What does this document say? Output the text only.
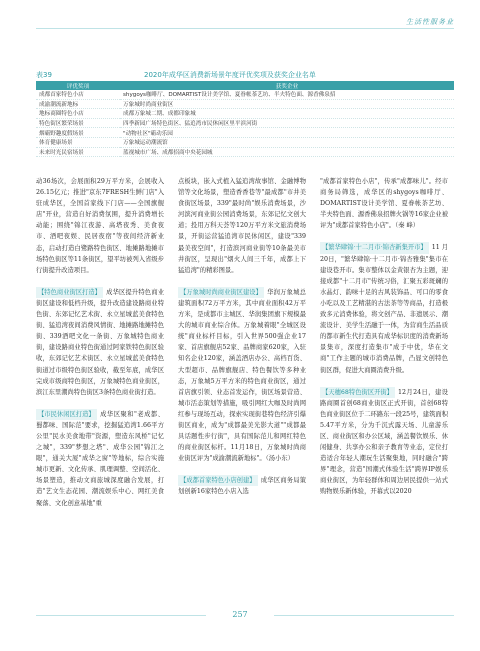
生活性服务业
表39	2020年成华区消费新场景年度评优奖项及获奖企业名单
评优奖项	获奖企业
成都首家特色小店	shygoys咖啡厅、DOMARTIST设计美学馆、夏眷帐茶艺坊、半夫特色面、源香佛泉招
成渝潮流新地标	万象城时尚商业街区
地标商圈特色小店	成都万象城二期、成都印象城
特色街区繁荣场景	四季新园广场特色街区、猛追湾市民休闲区里平滨河街
烟霸野趣度假场景	"动物社区"霸动乐园
体育健康场景	万象城运动潮流馆
未来时光民宿场景	蓝视城市广场、成都招商中央花园城

动36场次，会展面积29万平方米，会展收入26.15亿元；推进"京东7FRESH生鲜门店"入驻成华区，全国首家线下门店——全国旗舰店"开业，营造自好消费氛围，提升消费增长动能；围绕"锦江夜游、高塔夜秀、美食夜市、酒吧夜娱、民居夜宿"等夜间经济新业态，启动打造白鹭路特色街区、地摊路地摊市场特色街区等11条街区，望平坊被列入省级步行街提升改造项目。

【特色商业街区打造】 成华区提升特色商业街区建设和低档升级，提升改造建设路商业特色街、东郊记忆艺术街、永立星城蓝美食特色街、猛追湾夜间消费风情街、地摊路地摊特色街、339酒吧文化一条街、万象城特色商业街，建设路商业特色街通过阿家铁特色街区验收，东郊记忆艺术街区、永立星城蓝美食特色街道过市级特色街区验收，截至年底，成华区完成市级商特色街区，万象城特色商业街区，滨江东里潮尚特色街区3条特色商业街打造。

【市民休闲区打造】 成华区聚和"老成都、蜀都味、国际范"要求，挖掘猛追湾1.66平方公里"民水美食地带"资源，塑造东风桥"记忆之城"，339"梦想之塔"、成华公园"锦江之眼"，通关大厦"成华之窗"等地标，综合实施城市更新、文化传承、肌理调整、空间活化、场景塑造，推动文商旅城深度融合发展，打造"艺文生态花园、潮流娱乐中心、网红美食聚落、文化创意基地"重

点板块，嵌入式植入猛追湾故事馆、金融博物馆等文化场景，塑造香香巷等"最成都"市井美食街区场景，339"最时尚"娱乐消费场景，沙河滨河商业街公园消费场景，东郊记忆文创大道；投用万科天荟等120万平方米文旅消费场景，开街运营猛追湾市民休闲区，建设"339最美夜空间"，打造滨河商业街等10条最美市井街区，呈现出"烟火人间三千年，成都上下猛追湾"的精彩图景。

【万象城时尚商业街区建设】 华润万象城总建筑面积72万平方米，其中商业面积42万平方米，是成都市主城区、华润集团旗下规模最大的城市商业综合体。万象城着眼"全城区设统"商业标杆目标，引入世界500强企业17家、首店旗舰店52家、品牌商家620家，入驻知名企业120家，涵盖酒店办公、高档百货、大型超市、品牌旗舰店、特色餐饮等多种业态，万象城5万平方米的特色商业街区，通过首店旗引领、业态首发运作，街区场景营造、城市活态策划等措施，吸引网红大咖及时尚网红参与现场互动，探索实现街巷特色经济引爆街区商业，成为"成都最美光影大道""成都最具话题性步行街"，具有国际范儿和网红特色的商业街区标杆。11月18日，万象城时尚商业街区评为"成渝潮流新地标"。（汤小东）

【成都首家特色小店创建】 成华区商务局策划创新16家特色小店入选

"成都首家特色小店"，传承"成都味儿"。经市商务局筛选，成华区的shygoys咖啡厅、DOMARTIST设计美学馆、夏眷帐茶艺坊、半夫特色面、源香佛泉招牌火锅等16家企业被评为"成都首家特色小店"。（秦 峰）

【繁华肆锦·十二月市·锦杏新集开市】 11月20日，"繁华肆锦·十二月市·锦杏雅集"集市在建设巷开市。集市整体以金黄银杏为主题，迎接成都"十二月市"传统习俗，汇聚五彩斑斓的水晶灯、韵味十足的古风装饰品、可口的零食小吃以及工艺精湛的古法茶等等商品，打造极致多元消费体验，将文创产品、非遗展示、潮流设计、美学生活融于一体，为营商生活品质的都市新生代打造具有成华标识度的消费新场景集市，深度打造集市"成于中优，华在文商"工作主题的城市消费品牌，凸显文创特色街区群，促进大商圈消费升级。

【天穗68特色街区开街】 12月24日，建设路商圈首创68商业街区正式开街，首创68特色商业街区位于二环路东一段25号，建筑面积5.47平方米，分为千沉式露天场、儿童游乐区、商业街区和办公区域，涵盖餐饮娱乐、休闲健身、共享办公和亲子教育等业态，定位打造适合年轻人潮玩生活聚集地，同时融合"跨界"理念，营造"国潮式体验生活"跨界IP娱乐商业街区，为年轻群体和周边居民提供一站式购物娱乐新体验，开幕式以2020

257
